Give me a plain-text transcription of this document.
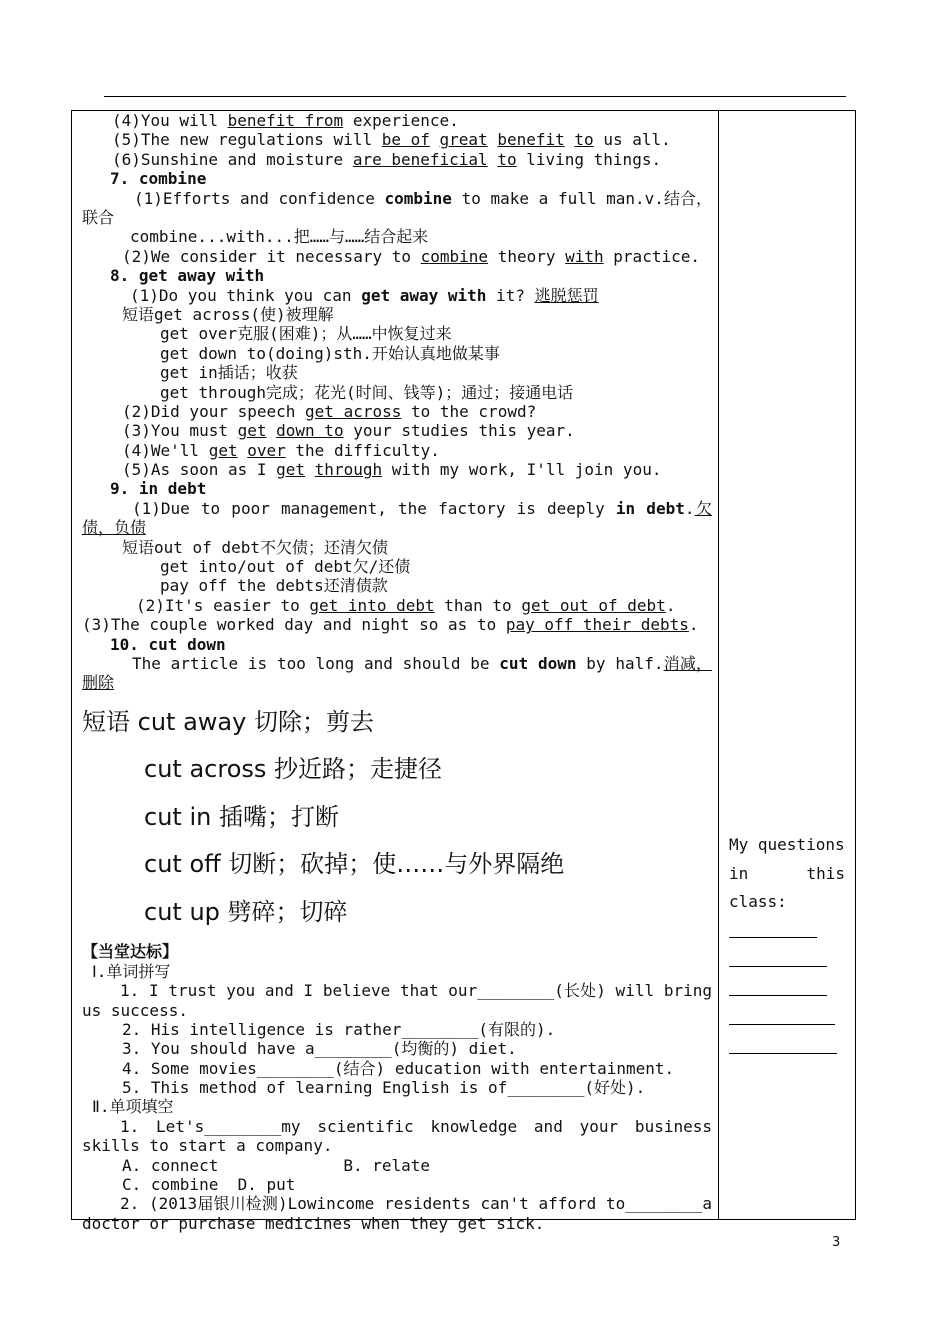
(4)You will benefit from experience.
(5)The new regulations will be of great benefit to us all.
(6)Sunshine and moisture are beneficial to living things.
7. combine
(1)Efforts and confidence combine to make a full man.v.结合，联合
combine...with...把……与……结合起来
(2)We consider it necessary to combine theory with practice.
8. get away with
(1)Do you think you can get away with it? 逃脱惩罚
短语get across(使)被理解
get over克服(困难)；从……中恢复过来
get down to(doing)sth.开始认真地做某事
get in插话；收获
get through完成；花光(时间、钱等)；通过；接通电话
(2)Did your speech get across to the crowd?
(3)You must get down to your studies this year.
(4)We'll get over the difficulty.
(5)As soon as I get through with my work, I'll join you.
9. in debt
(1)Due to poor management, the factory is deeply in debt.欠债，负债
短语out of debt不欠债；还清欠债
get into/out of debt欠/还债
pay off the debts还清债款
(2)It's easier to get into debt than to get out of debt.
(3)The couple worked day and night so as to pay off their debts.
10. cut down
The article is too long and should be cut down by half.消减，删除
短语 cut away 切除；剪去
cut across 抄近路；走捷径
cut in 插嘴；打断
cut off 切断；砍掉；使……与外界隔绝
cut up 劈碎；切碎
【当堂达标】
Ⅰ.单词拼写
1. I trust you and I believe that our________(长处) will bring us success.
2. His intelligence is rather________(有限的).
3. You should have a________(均衡的) diet.
4. Some movies________(结合) education with entertainment.
5. This method of learning English is of________(好处).
Ⅱ.单项填空
1. Let's________my scientific knowledge and your business skills to start a company.
A. connect	B. relate
C. combine  D. put
2. (2013届银川检测)Lowincome residents can't afford to________a doctor or purchase medicines when they get sick.
My questions
in	this
class:
3
